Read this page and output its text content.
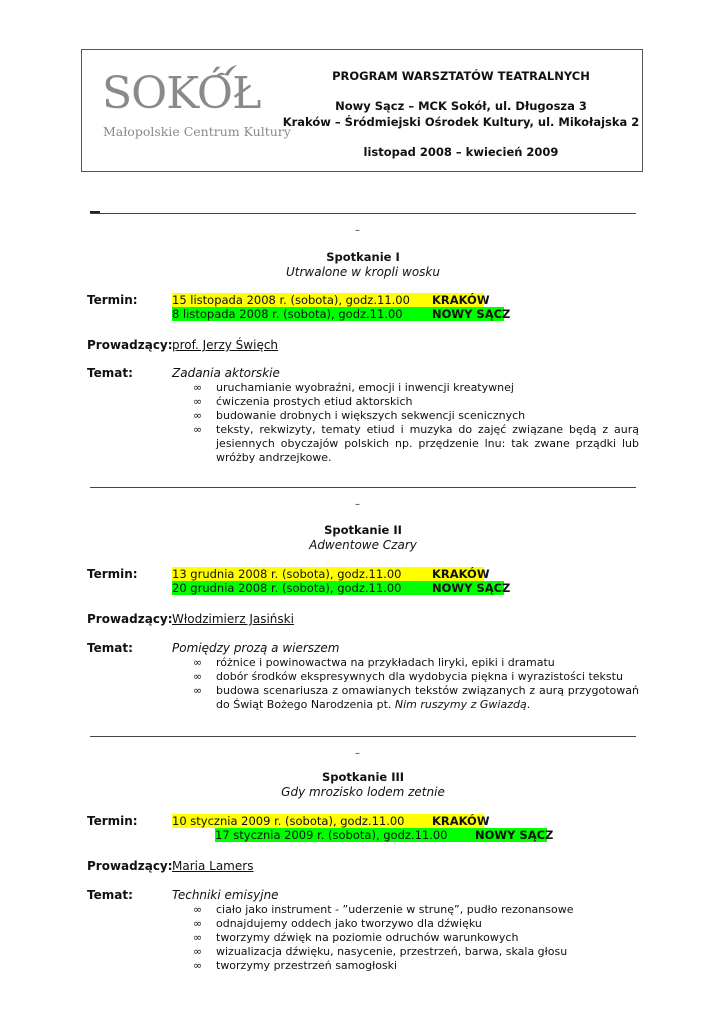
SOKÓŁ
Małopolskie Centrum Kultury
PROGRAM WARSZTATÓW TEATRALNYCH
Nowy Sącz – MCK Sokół, ul. Długosza 3
Kraków – Śródmiejski Ośrodek Kultury, ul. Mikołajska 2
listopad 2008 – kwiecień 2009
–
Spotkanie I
Utrwalone w kropli wosku
Termin:	15 listopada 2008 r. (sobota), godz.11.00 KRAKÓW
8 listopada 2008 r. (sobota), godz.11.00	NOWY SĄCZ
Prowadzący: prof. Jerzy Święch
Temat:	Zadania aktorskie
∞ uruchamianie wyobraźni, emocji i inwencji kreatywnej
∞ ćwiczenia prostych etiud aktorskich
∞ budowanie drobnych i większych sekwencji scenicznych
∞ teksty, rekwizyty, tematy etiud i muzyka do zajęć związane będą z aurą jesiennych obyczajów polskich np. przędzenie lnu: tak zwane prządki lub wróżby andrzejkowe.
–
Spotkanie II
Adwentowe Czary
Termin:	13 grudnia 2008 r. (sobota), godz.11.00	KRAKÓW
20 grudnia 2008 r. (sobota), godz.11.00	NOWY SĄCZ
Prowadzący: Włodzimierz Jasiński
Temat:	Pomiędzy prozą a wierszem
∞ różnice i powinowactwa na przykładach liryki, epiki i dramatu
∞ dobór środków ekspresywnych dla wydobycia piękna i wyrazistości tekstu
∞ budowa scenariusza z omawianych tekstów związanych z aurą przygotowań do Świąt Bożego Narodzenia pt. Nim ruszymy z Gwiazdą.
–
Spotkanie III
Gdy mrozisko lodem zetnie
Termin:	10 stycznia 2009 r. (sobota), godz.11.00 KRAKÓW
17 stycznia 2009 r. (sobota), godz.11.00 NOWY SĄCZ
Prowadzący: Maria Lamers
Temat:	Techniki emisyjne
∞ ciało jako instrument - ”uderzenie w strunę”, pudło rezonansowe
∞ odnajdujemy oddech jako tworzywo dla dźwięku
∞ tworzymy dźwięk na poziomie odruchów warunkowych
∞ wizualizacja dźwięku, nasycenie, przestrzeń, barwa, skala głosu
∞ tworzymy przestrzeń samogłoski
